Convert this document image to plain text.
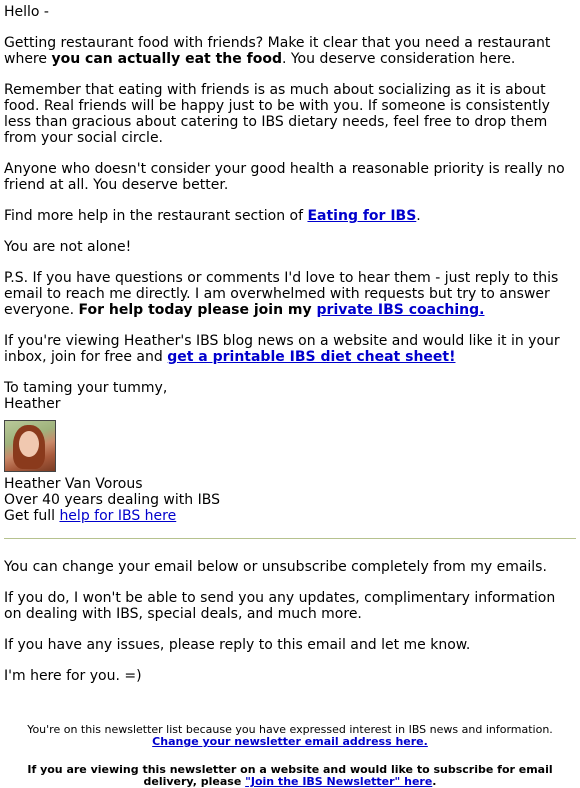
Hello -

Getting restaurant food with friends? Make it clear that you need a restaurant where you can actually eat the food. You deserve consideration here.

Remember that eating with friends is as much about socializing as it is about food. Real friends will be happy just to be with you. If someone is consistently less than gracious about catering to IBS dietary needs, feel free to drop them from your social circle.

Anyone who doesn't consider your good health a reasonable priority is really no friend at all. You deserve better.

Find more help in the restaurant section of Eating for IBS.

You are not alone!

P.S. If you have questions or comments I'd love to hear them - just reply to this email to reach me directly. I am overwhelmed with requests but try to answer everyone. For help today please join my private IBS coaching.

If you're viewing Heather's IBS blog news on a website and would like it in your inbox, join for free and get a printable IBS diet cheat sheet!

To taming your tummy,
Heather
Heather Van Vorous
Over 40 years dealing with IBS
Get full help for IBS here

You can change your email below or unsubscribe completely from my emails.

If you do, I won't be able to send you any updates, complimentary information on dealing with IBS, special deals, and much more.

If you have any issues, please reply to this email and let me know.

I'm here for you. =)

You're on this newsletter list because you have expressed interest in IBS news and information.
Change your newsletter email address here.
If you are viewing this newsletter on a website and would like to subscribe for email delivery, please "Join the IBS Newsletter" here.
